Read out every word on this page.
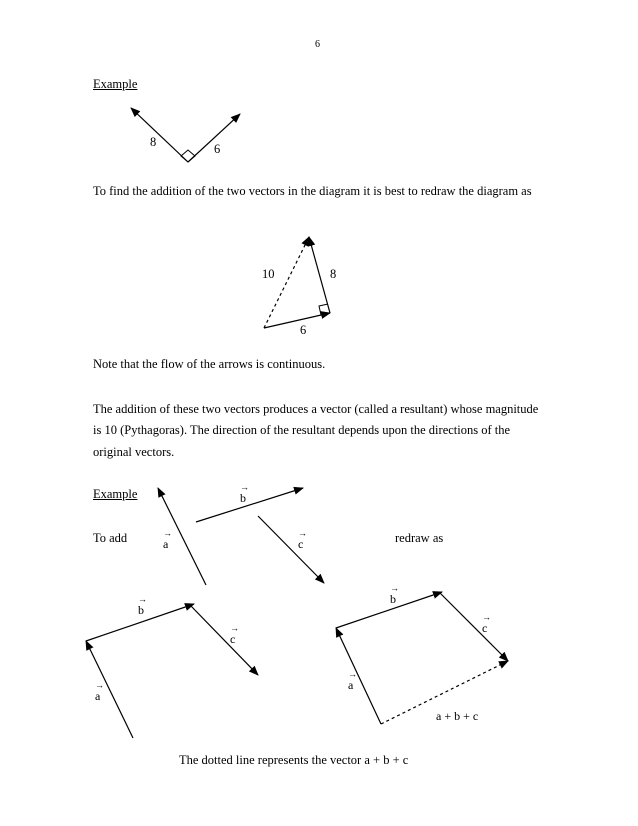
6
Example
8	6
To find the addition of the two vectors in the diagram it is best to redraw the diagram as
10	8
6
Note that the flow of the arrows is continuous.
The addition of these two vectors produces a vector (called a resultant) whose magnitude
is 10 (Pythagoras). The direction of the resultant depends upon the directions of the
original vectors.
Example
To add	redraw as
→
a
→
b
→
c
→
b
→
c
→
a
→
b
→
c
→
a
a + b + c
The dotted line represents the vector a + b + c
